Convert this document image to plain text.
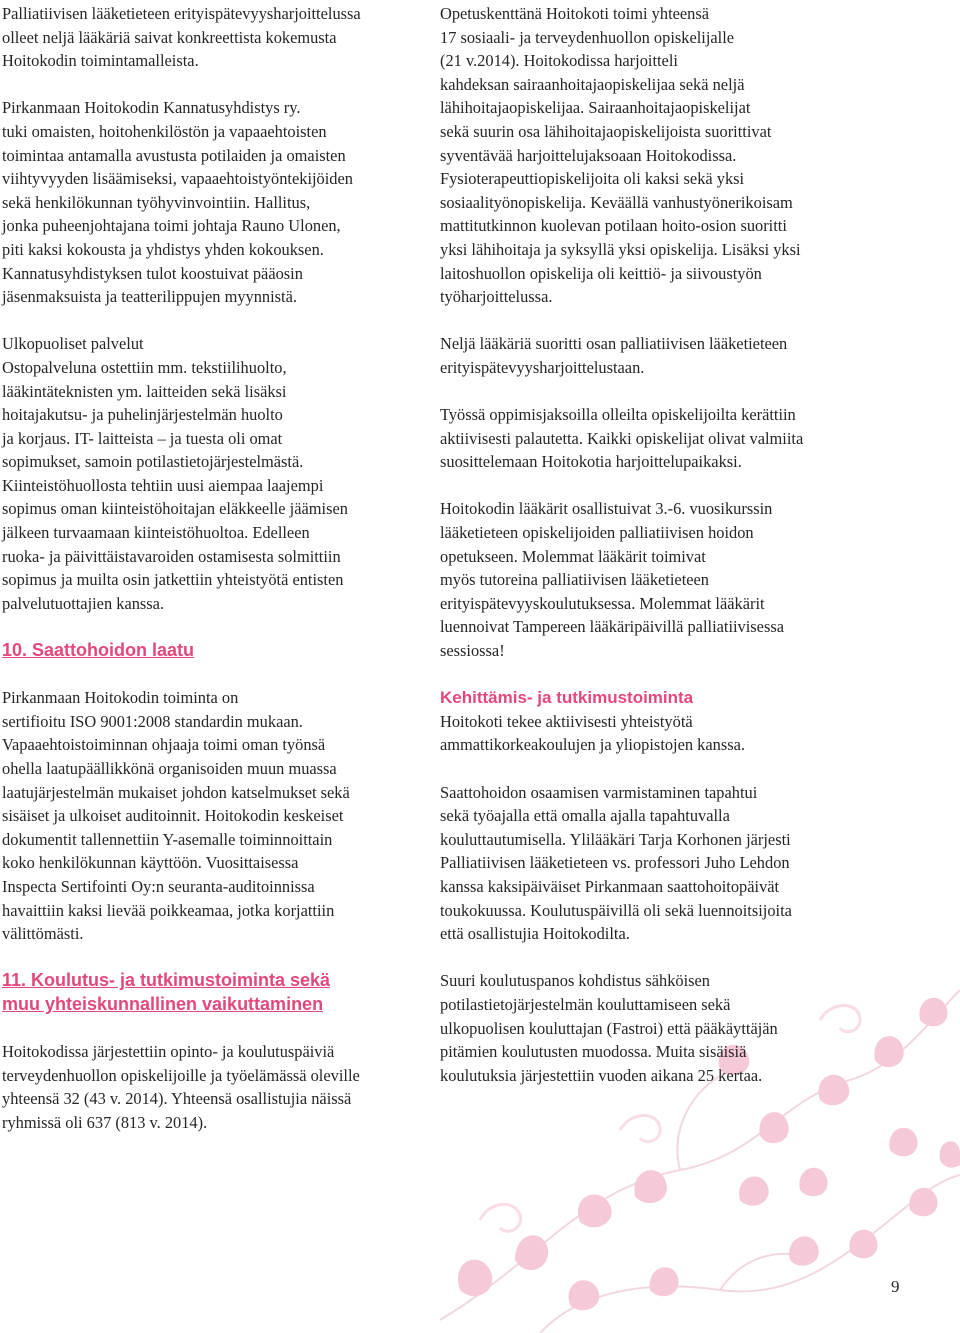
Palliatiivisen lääketieteen erityispätevyysharjoittelussa
olleet neljä lääkäriä saivat konkreettista kokemusta
Hoitokodin toimintamalleista.

Pirkanmaan Hoitokodin Kannatusyhdistys ry.
tuki omaisten, hoitohenkilöstön ja vapaaehtoisten
toimintaa antamalla avustusta potilaiden ja omaisten
viihtyvyyden lisäämiseksi, vapaaehtoistyöntekijöiden
sekä henkilökunnan työhyvinvointiin. Hallitus,
jonka puheenjohtajana toimi johtaja Rauno Ulonen,
piti kaksi kokousta ja yhdistys yhden kokouksen.
Kannatusyhdistyksen tulot koostuivat pääosin
jäsenmaksuista ja teatterilippujen myynnistä.

Ulkopuoliset palvelut
Ostopalveluna ostettiin mm. tekstiilihuolto,
lääkintäteknisten ym. laitteiden sekä lisäksi
hoitajakutsu- ja puhelinjärjestelmän huolto
ja korjaus. IT- laitteista – ja tuesta oli omat
sopimukset, samoin potilastietojärjestelmästä.
Kiinteistöhuollosta tehtiin uusi aiempaa laajempi
sopimus oman kiinteistöhoitajan eläkkeelle jäämisen
jälkeen turvaamaan kiinteistöhuoltoa. Edelleen
ruoka- ja päivittäistavaroiden ostamisesta solmittiin
sopimus ja muilta osin jatkettiin yhteistyötä entisten
palvelutuottajien kanssa.

10. Saattohoidon laatu

Pirkanmaan Hoitokodin toiminta on
sertifioitu ISO 9001:2008 standardin mukaan.
Vapaaehtoistoiminnan ohjaaja toimi oman työnsä
ohella laatupäällikkönä organisoiden muun muassa
laatujärjestelmän mukaiset johdon katselmukset sekä
sisäiset ja ulkoiset auditoinnit. Hoitokodin keskeiset
dokumentit tallennettiin Y-asemalle toiminnoittain
koko henkilökunnan käyttöön. Vuosittaisessa
Inspecta Sertifointi Oy:n seuranta-auditoinnissa
havaittiin kaksi lievää poikkeamaa, jotka korjattiin
välittömästi.

11. Koulutus- ja tutkimustoiminta sekä
muu yhteiskunnallinen vaikuttaminen

Hoitokodissa järjestettiin opinto- ja koulutuspäiviä
terveydenhuollon opiskelijoille ja työelämässä oleville
yhteensä 32 (43 v. 2014). Yhteensä osallistujia näissä
ryhmissä oli 637 (813 v. 2014).

Opetuskenttänä Hoitokoti toimi yhteensä
17 sosiaali- ja terveydenhuollon opiskelijalle
(21 v.2014). Hoitokodissa harjoitteli
kahdeksan sairaanhoitajaopiskelijaa sekä neljä
lähihoitajaopiskelijaa. Sairaanhoitajaopiskelijat
sekä suurin osa lähihoitajaopiskelijoista suorittivat
syventävää harjoittelujaksoaan Hoitokodissa.
Fysioterapeuttiopiskelijoita oli kaksi sekä yksi
sosiaalityönopiskelija. Keväällä vanhustyönerikoisam
mattitutkinnon kuolevan potilaan hoito-osion suoritti
yksi lähihoitaja ja syksyllä yksi opiskelija. Lisäksi yksi
laitoshuollon opiskelija oli keittiö- ja siivoustyön
työharjoittelussa.

Neljä lääkäriä suoritti osan palliatiivisen lääketieteen
erityispätevyysharjoittelustaan.

Työssä oppimisjaksoilla olleilta opiskelijoilta kerättiin
aktiivisesti palautetta. Kaikki opiskelijat olivat valmiita
suosittelemaan Hoitokotia harjoittelupaikaksi.

Hoitokodin lääkärit osallistuivat 3.-6. vuosikurssin
lääketieteen opiskelijoiden palliatiivisen hoidon
opetukseen. Molemmat lääkärit toimivat
myös tutoreina palliatiivisen lääketieteen
erityispätevyyskoulutuksessa. Molemmat lääkärit
luennoivat Tampereen lääkäripäivillä palliatiivisessa
sessiossa!

Kehittämis- ja tutkimustoiminta

Hoitokoti tekee aktiivisesti yhteistyötä
ammattikorkeakoulujen ja yliopistojen kanssa.

Saattohoidon osaamisen varmistaminen tapahtui
sekä työajalla että omalla ajalla tapahtuvalla
kouluttautumisella. Ylilääkäri Tarja Korhonen järjesti
Palliatiivisen lääketieteen vs. professori Juho Lehdon
kanssa kaksipäiväiset Pirkanmaan saattohoitopäivät
toukokuussa. Koulutuspäivillä oli sekä luennoitsijoita
että osallistujia Hoitokodilta.

Suuri koulutuspanos kohdistus sähköisen
potilastietojärjestelmän kouluttamiseen sekä
ulkopuolisen kouluttajan (Fastroi) että pääkäyttäjän
pitämien koulutusten muodossa. Muita sisäisiä
koulutuksia järjestettiin vuoden aikana 25 kertaa.

9
